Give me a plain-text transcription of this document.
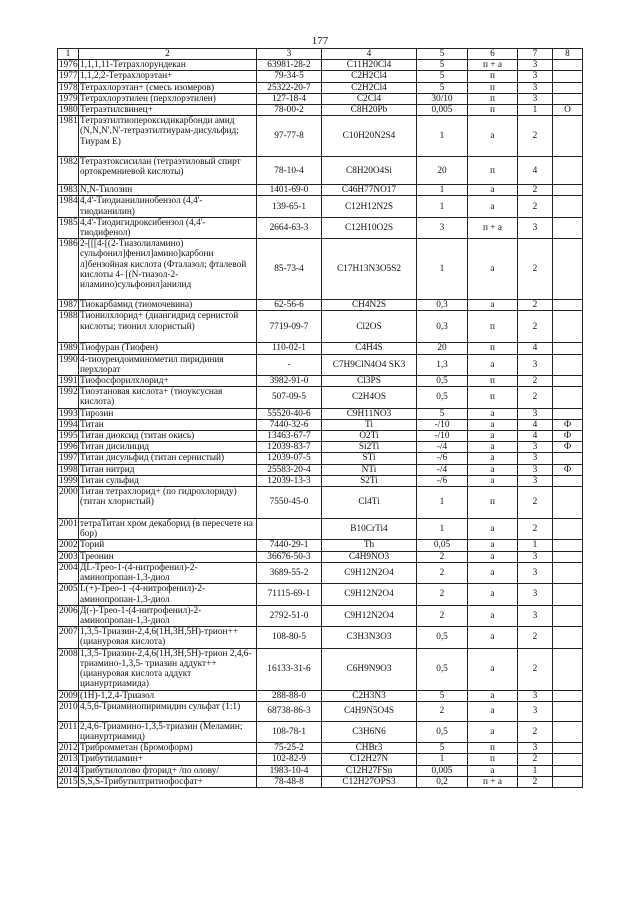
177
1	2	3	4	5	6	7	8
1976	1,1,1,11-Тетрахлорундекан	63981-28-2	C11H20Cl4	5	п + а	3	
1977	1,1,2,2-Тетрахлорэтан+	79-34-5	C2H2Cl4	5	п	3	
1978	Тетрахлорэтан+ (смесь изомеров)	25322-20-7	C2H2Cl4	5	п	3	
1979	Тетрахлорэтилен (перхлорэтилен)	127-18-4	C2Cl4	30/10	п	3	
1980	Тетраэтилсвинец+	78-00-2	C8H20Pb	0,005	п	1	О
1981	Тетраэтилтиопероксидикарбонди амид (N,N,N',N'-тетраэтилтиурам-дисульфид; Тиурам Е)	97-77-8	C10H20N2S4	1	а	2	
1982	Тетраэтоксисилан (тетраэтиловый спирт ортокремниевой кислоты)	78-10-4	C8H20O4Si	20	п	4	
1983	N,N-Тилозин	1401-69-0	C46H77NO17	1	а	2	
1984	4,4'-Тиодианилинобензол (4,4'-тиодианилин)	139-65-1	C12H12N2S	1	а	2	
1985	4,4'-Тиодигидроксибензол (4,4'-тиодифенол)	2664-63-3	C12H10O2S	3	п + а	3	
1986	2-[[[4-[(2-Тиазолиламино) сульфонил]фенил]амино]карбони л]бензойная кислота (Фталазол; фталевой кислоты 4- [(N-тиазол-2- иламино)сульфонил]анилид	85-73-4	C17H13N3O5S2	1	а	2	
1987	Тиокарбамид (тиомочевина)	62-56-6	CH4N2S	0,3	а	2	
1988	Тионилхлорид+ (диангидрид сернистой кислоты; тионил хлористый)	7719-09-7	Cl2OS	0,3	п	2	
1989	Тиофуран (Тиофен)	110-02-1	C4H4S	20	п	4	
1990	4-тиоуреидоиминометил пиридиния перхлорат	-	C7H9ClN4O4 SK3	1,3	а	3	
1991	Тиофосфорилхлорид+	3982-91-0	Cl3PS	0,5	п	2	
1992	Тиоэтановая кислота+ (тиоуксусная кислота)	507-09-5	C2H4OS	0,5	п	2	
1993	Тирозин	55520-40-6	C9H11NO3	5	а	3	
1994	Титан	7440-32-6	Ti	-/10	а	4	Ф
1995	Титан диоксид (титан окись)	13463-67-7	O2Ti	-/10	а	4	Ф
1996	Титан дисилицид	12039-83-7	Si2Ti	-/4	а	3	Ф
1997	Титан дисульфид (титан сернистый)	12039-07-5	STi	-/6	а	3	
1998	Титан нитрид	25583-20-4	NTi	-/4	а	3	Ф
1999	Титан сульфид	12039-13-3	S2Ti	-/6	а	3	
2000	Титан тетрахлорид+ (по гидрохлориду) (титан хлористый)	7550-45-0	Cl4Ti	1	п	2	
2001	тетраТитан хром декаборид (в пересчете на бор)		B10CrTi4	1	а	2	
2002	Торий	7440-29-1	Th	0,05	а	1	
2003	Треонин	36676-50-3	C4H9NO3	2	а	3	
2004	ДL-Трео-1-(4-нитрофенил)-2-аминопропан-1,3-диол	3689-55-2	C9H12N2O4	2	а	3	
2005	L(+)-Трео-1 -(4-нитрофенил)-2-аминопропан-1,3-диол	71115-69-1	C9H12N2O4	2	а	3	
2006	Д(-)-Трео-1-(4-нитрофенил)-2-аминопропан-1,3-диол	2792-51-0	C9H12N2O4	2	а	3	
2007	1,3,5-Триазин-2,4,6(1H,3H,5H)-трион++ (циануровая кислота)	108-80-5	C3H3N3O3	0,5	а	2	
2008	1,3,5-Триазин-2,4,6(1H,3H,5H)-трион 2,4,6-триамино-1,3,5- триазин аддукт++ (циануровая кислота аддукт циануртриамида)	16133-31-6	C6H9N9O3	0,5	а	2	
2009	(1H)-1,2,4-Триазол	288-88-0	C2H3N3	5	а	3	
2010	4,5,6-Триаминопиримидин сульфат (1:1)	68738-86-3	C4H9N5O4S	2	а	3	
2011	2,4,6-Триамино-1,3,5-триазин (Меламин; циануртриамид)	108-78-1	C3H6N6	0,5	а	2	
2012	Трибромметан (Бромоформ)	75-25-2	CHBr3	5	п	3	
2013	Трибутиламин+	102-82-9	C12H27N	1	п	2	
2014	Трибутилолово фторид+ /по олову/	1983-10-4	C12H27FSn	0,005	а	1	
2015	S,S,S-Трибутилтритиофосфат+	78-48-8	C12H27OPS3	0,2	п + а	2	
